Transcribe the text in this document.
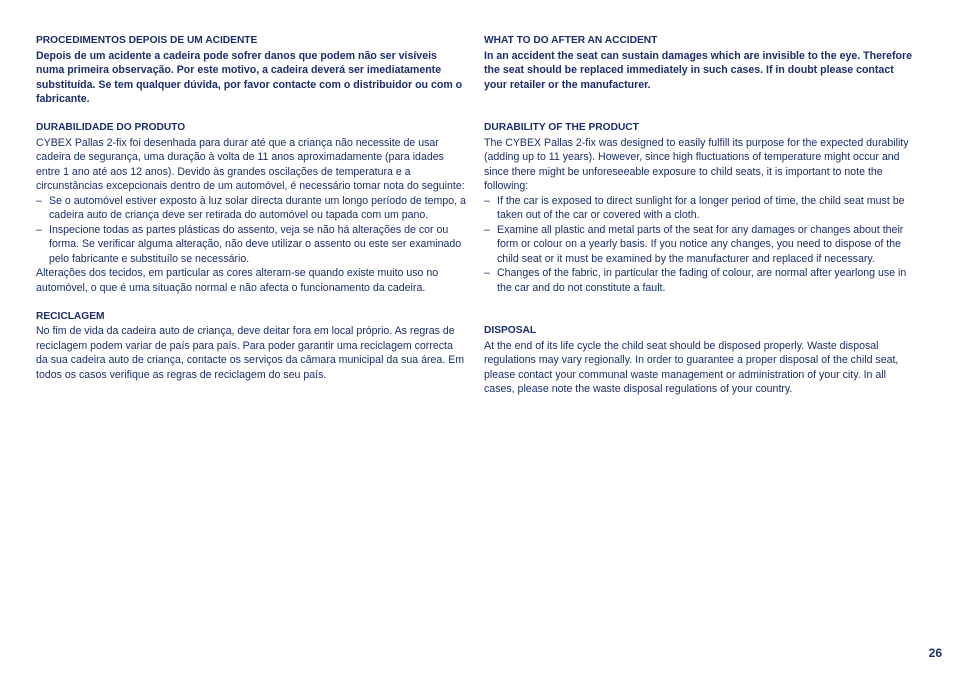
PROCEDIMENTOS DEPOIS DE UM ACIDENTE

Depois de um acidente a cadeira pode sofrer danos que podem não ser visíveis numa primeira observação. Por este motivo, a cadeira deverá ser imediatamente substituída. Se tem qualquer dúvida, por favor contacte com o distribuidor ou com o fabricante.

DURABILIDADE DO PRODUTO

CYBEX Pallas 2-fix foi desenhada para durar até que a criança não necessite de usar cadeira de segurança, uma duração à volta de 11 anos aproximadamente (para idades entre 1 ano até aos 12 anos). Devido às grandes oscilações de temperatura e a circunstâncias excepcionais dentro de um automóvel, é necessário tomar nota do seguinte:

– Se o automóvel estiver exposto à luz solar directa durante um longo período de tempo, a cadeira auto de criança deve ser retirada do automóvel ou tapada com um pano.
– Inspecione todas as partes plásticas do assento, veja se não há alterações de cor ou forma. Se verificar alguma alteração, não deve utilizar o assento ou este ser examinado pelo fabricante e substituílo se necessário.

Alterações dos tecidos, em particular as cores alteram-se quando existe muito uso no automóvel, o que é uma situação normal e não afecta o funcionamento da cadeira.

RECICLAGEM

No fim de vida da cadeira auto de criança, deve deitar fora em local próprio. As regras de reciclagem podem variar de país para país. Para poder garantir uma reciclagem correcta da sua cadeira auto de criança, contacte os serviços da câmara municipal da sua área. Em todos os casos verifique as regras de reciclagem do seu país.

WHAT TO DO AFTER AN ACCIDENT

In an accident the seat can sustain damages which are invisible to the eye. Therefore the seat should be replaced immediately in such cases. If in doubt please contact your retailer or the manufacturer.

DURABILITY OF THE PRODUCT

The CYBEX Pallas 2-fix was designed to easily fulfill its purpose for the expected durability (adding up to 11 years). However, since high fluctuations of temperature might occur and since there might be unforeseeable exposure to child seats, it is important to note the following:

– If the car is exposed to direct sunlight for a longer period of time, the child seat must be taken out of the car or covered with a cloth.
– Examine all plastic and metal parts of the seat for any damages or changes about their form or colour on a yearly basis. If you notice any changes, you need to dispose of the child seat or it must be examined by the manufacturer and replaced if necessary.
– Changes of the fabric, in particular the fading of colour, are normal after yearlong use in the car and do not constitute a fault.
DISPOSAL

At the end of its life cycle the child seat should be disposed properly. Waste disposal regulations may vary regionally. In order to guarantee a proper disposal of the child seat, please contact your communal waste management or administration of your city. In all cases, please note the waste disposal regulations of your country.

26
